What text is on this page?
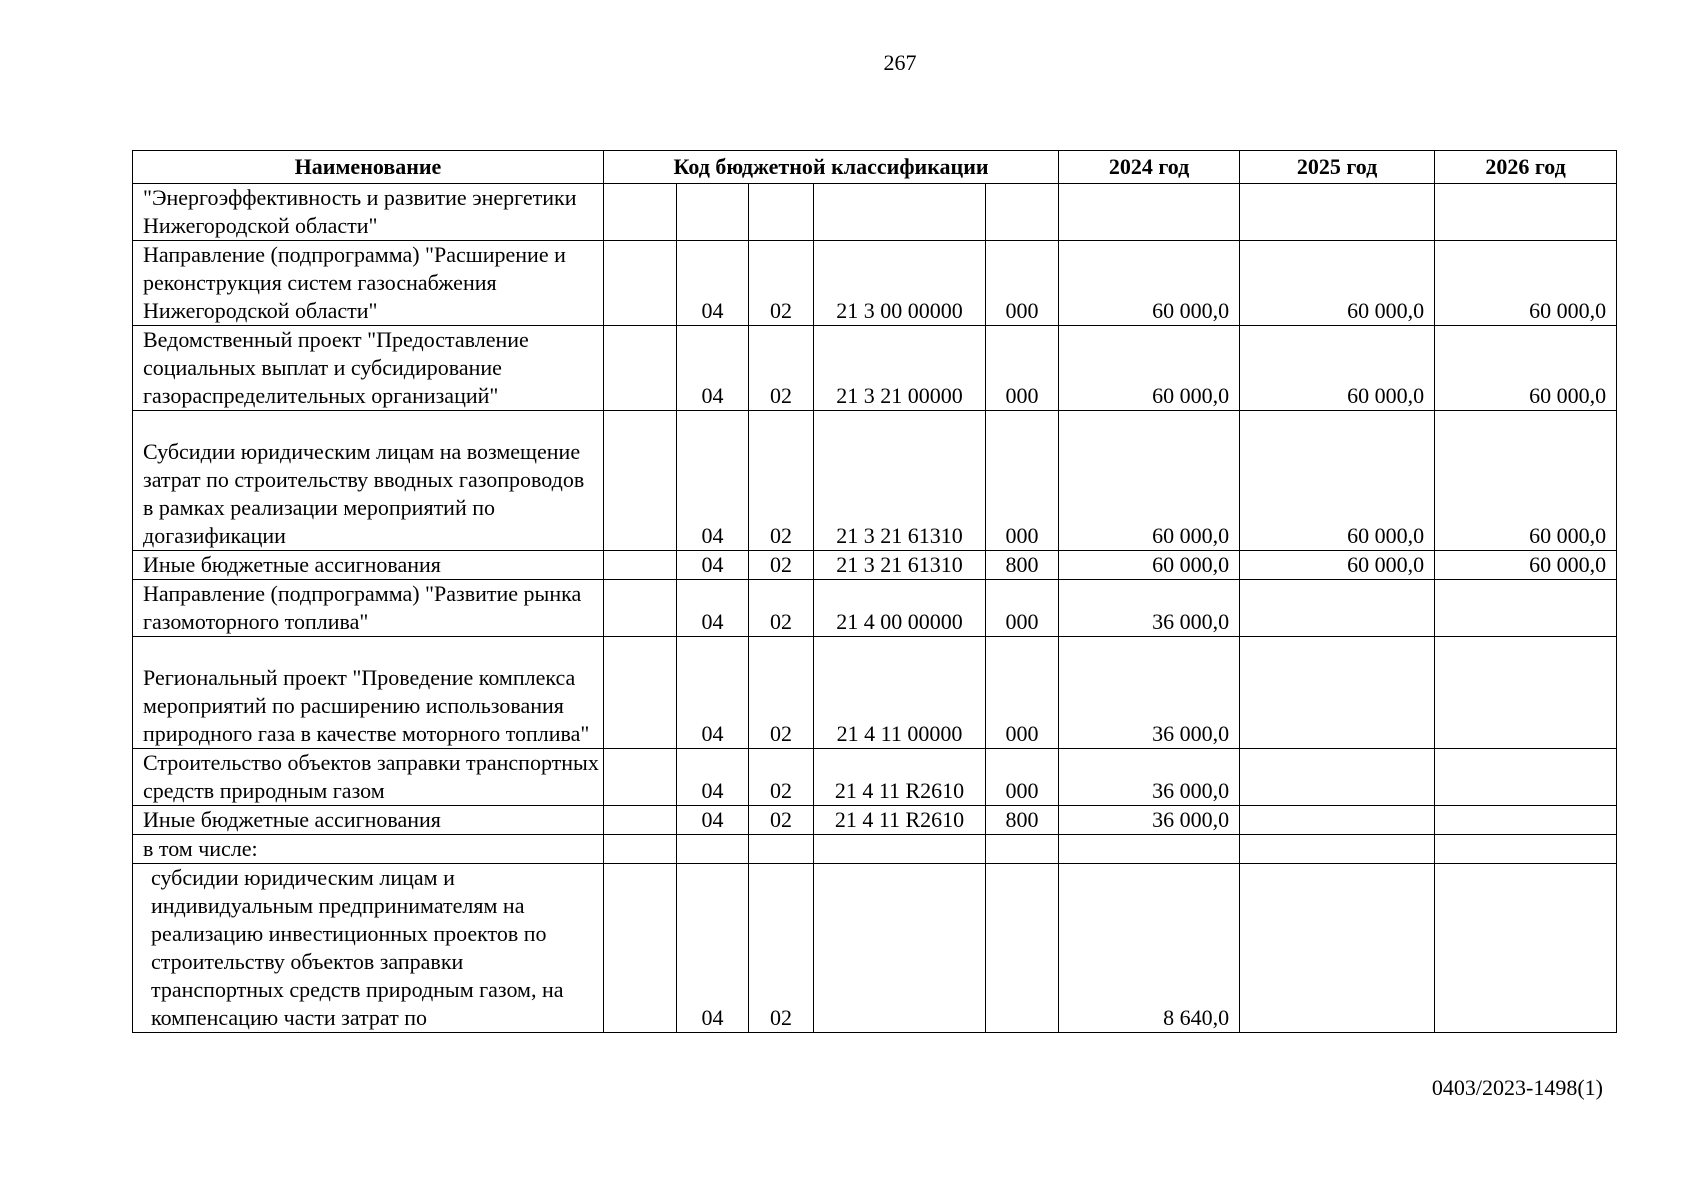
267
Наименование	Код бюджетной классификации					2024 год	2025 год	2026 год
"Энергоэффективность и развитие энергетики Нижегородской области"								
Направление (подпрограмма) "Расширение и реконструкция систем газоснабжения Нижегородской области"		04	02	21 3 00 00000	000	60 000,0	60 000,0	60 000,0
Ведомственный проект "Предоставление социальных выплат и субсидирование газораспределительных организаций"		04	02	21 3 21 00000	000	60 000,0	60 000,0	60 000,0
Субсидии юридическим лицам на возмещение затрат по строительству вводных газопроводов в рамках реализации мероприятий по догазификации		04	02	21 3 21 61310	000	60 000,0	60 000,0	60 000,0
Иные бюджетные ассигнования		04	02	21 3 21 61310	800	60 000,0	60 000,0	60 000,0
Направление (подпрограмма) "Развитие рынка газомоторного топлива"		04	02	21 4 00 00000	000	36 000,0		
Региональный проект "Проведение комплекса мероприятий по расширению использования природного газа в качестве моторного топлива"		04	02	21 4 11 00000	000	36 000,0		
Строительство объектов заправки транспортных средств природным газом		04	02	21 4 11 R2610	000	36 000,0		
Иные бюджетные ассигнования		04	02	21 4 11 R2610	800	36 000,0		
в том числе:								
субсидии юридическим лицам и индивидуальным предпринимателям на реализацию инвестиционных проектов по строительству объектов заправки транспортных средств природным газом, на компенсацию части затрат по		04	02			8 640,0		
0403/2023-1498(1)
